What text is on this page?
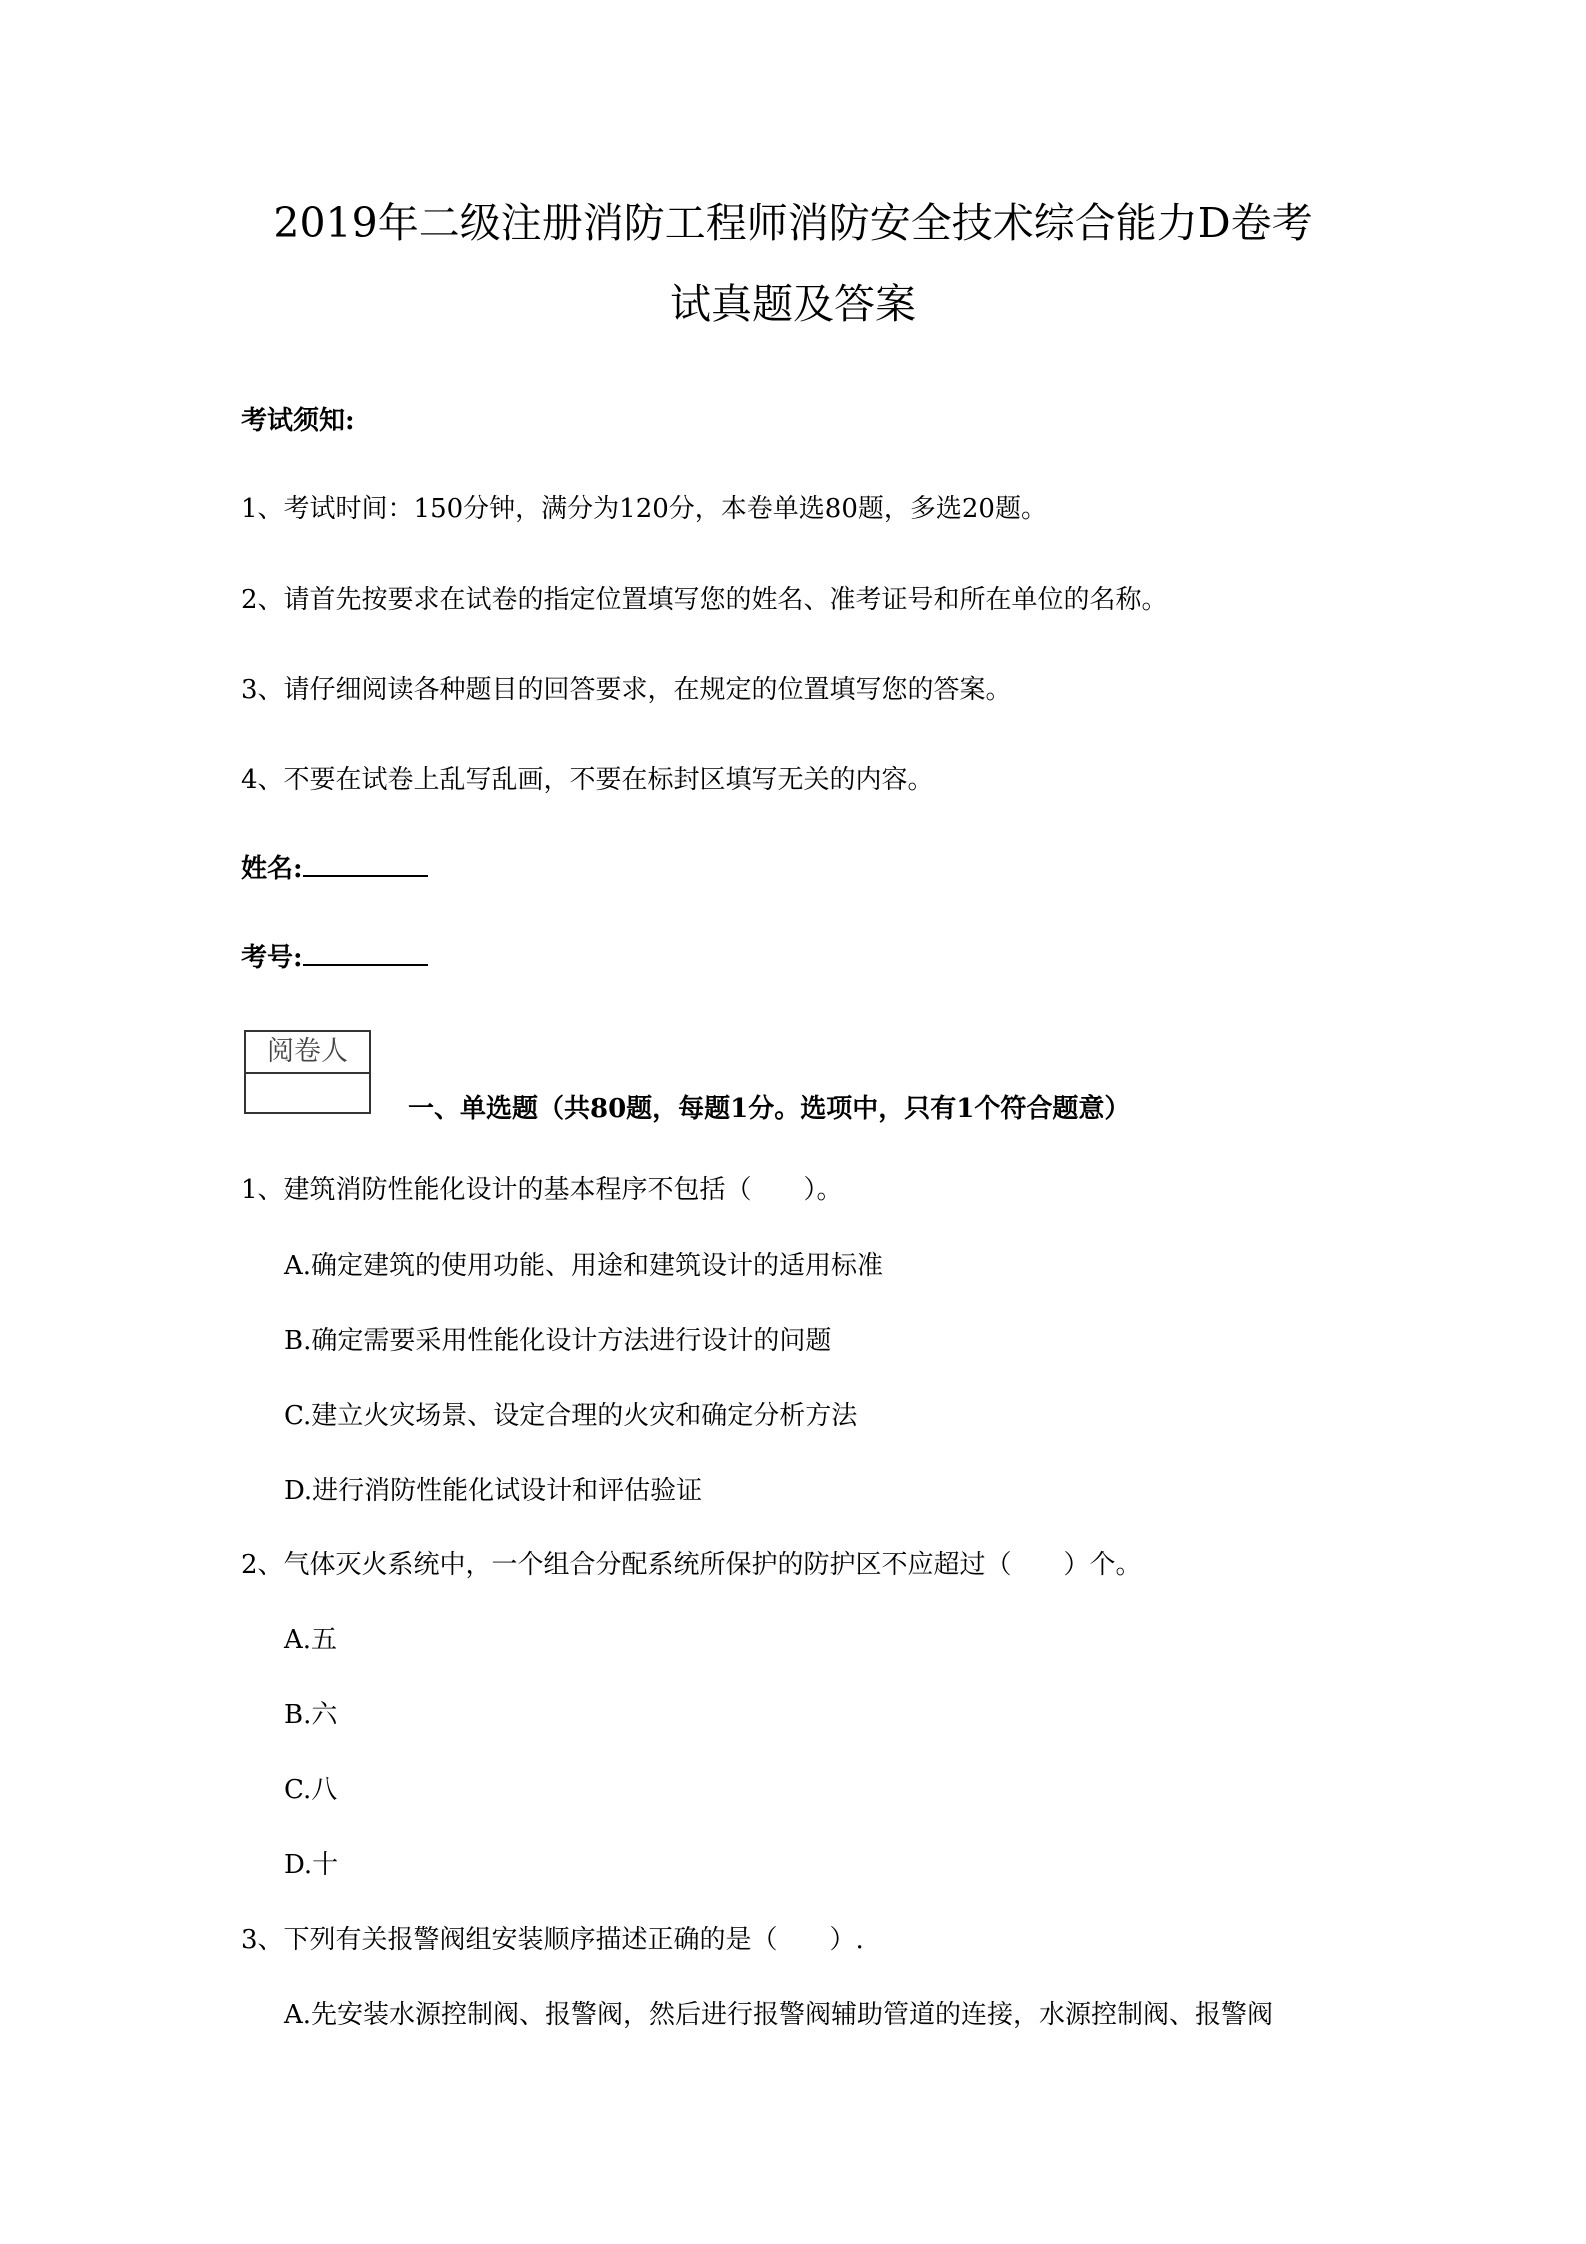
2019年二级注册消防工程师消防安全技术综合能力D卷考
试真题及答案
考试须知:
1、考试时间：150分钟，满分为120分，本卷单选80题，多选20题。
2、请首先按要求在试卷的指定位置填写您的姓名、准考证号和所在单位的名称。
3、请仔细阅读各种题目的回答要求，在规定的位置填写您的答案。
4、不要在试卷上乱写乱画，不要在标封区填写无关的内容。
姓名:
考号:
阅卷人
一、单选题（共80题，每题1分。选项中，只有1个符合题意）
1、建筑消防性能化设计的基本程序不包括（　　）。
A.确定建筑的使用功能、用途和建筑设计的适用标准
B.确定需要采用性能化设计方法进行设计的问题
C.建立火灾场景、设定合理的火灾和确定分析方法
D.进行消防性能化试设计和评估验证
2、气体灭火系统中，一个组合分配系统所保护的防护区不应超过（　　）个。
A.五
B.六
C.八
D.十
3、下列有关报警阀组安装顺序描述正确的是（　　）.
A.先安装水源控制阀、报警阀，然后进行报警阀辅助管道的连接，水源控制阀、报警阀
